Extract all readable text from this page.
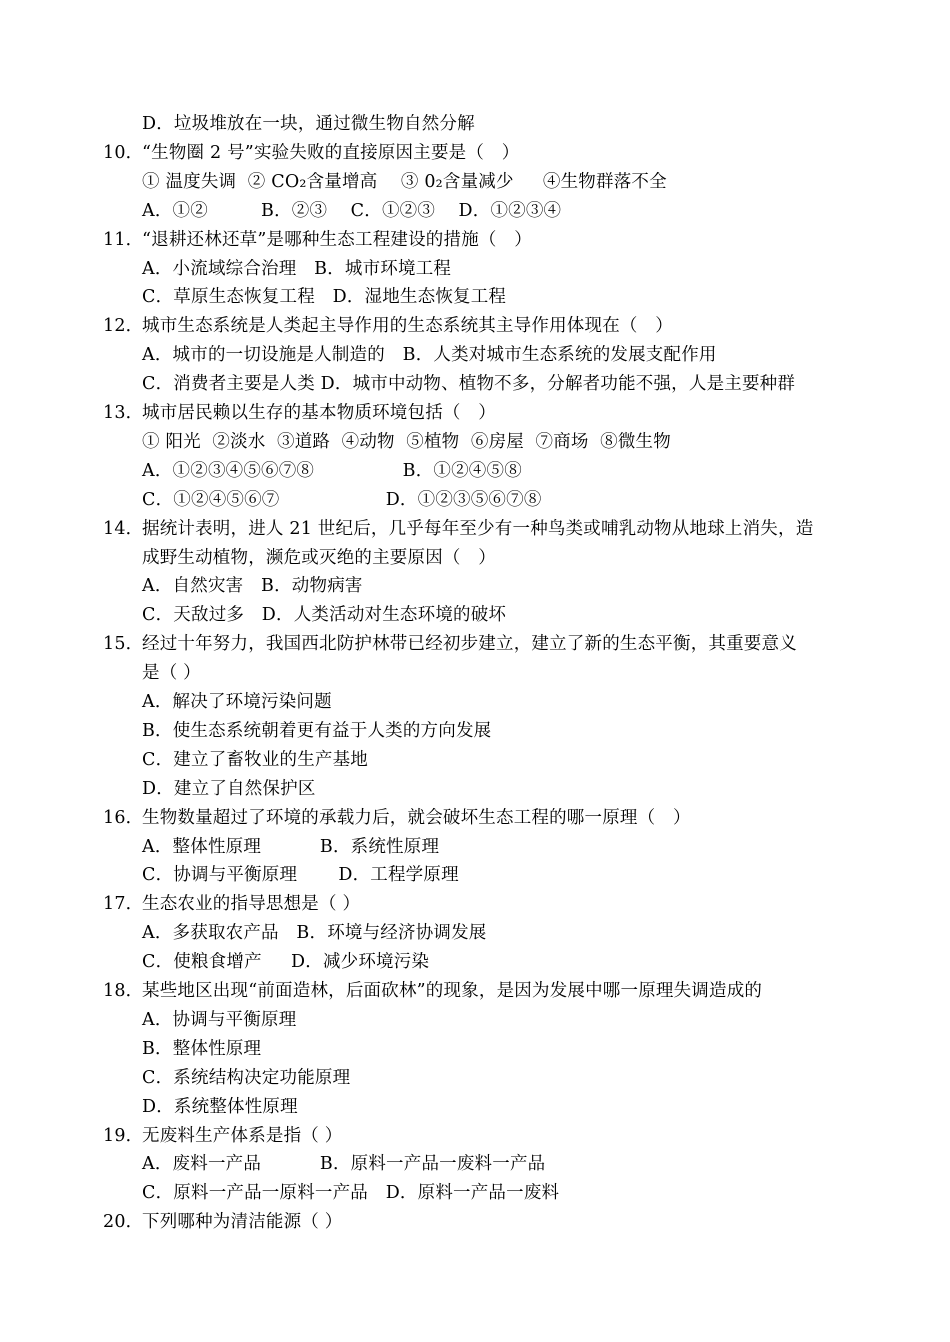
D．垃圾堆放在一块，通过微生物自然分解
10．
“生物圈 2 号”实验失败的直接原因主要是（　）
① 温度失调  ② CO₂含量增高　 ③ 0₂含量减少　  ④生物群落不全
A．①②　　　B．②③　 C．①②③　 D．①②③④
11．
“退耕还林还草”是哪种生态工程建设的措施（　）
A．小流域综合治理　B．城市环境工程
C．草原生态恢复工程　D．湿地生态恢复工程
12．
城市生态系统是人类起主导作用的生态系统其主导作用体现在（　）
A．城市的一切设施是人制造的　B．人类对城市生态系统的发展支配作用
C．消费者主要是人类 D．城市中动物、植物不多，分解者功能不强，人是主要种群
13．
城市居民赖以生存的基本物质环境包括（　）
① 阳光  ②淡水  ③道路  ④动物  ⑤植物  ⑥房屋  ⑦商场  ⑧微生物
A．①②③④⑤⑥⑦⑧　　　　　B．①②④⑤⑧
C．①②④⑤⑥⑦　　　　　　D．①②③⑤⑥⑦⑧
14．
据统计表明，进人 21 世纪后，几乎每年至少有一种鸟类或哺乳动物从地球上消失，造
成野生动植物，濒危或灭绝的主要原因（　）
A．自然灾害　B．动物病害
C．天敌过多　D．人类活动对生态环境的破坏
15．
经过十年努力，我国西北防护林带已经初步建立，建立了新的生态平衡，其重要意义
是（ ）
A．解决了环境污染问题
B．使生态系统朝着更有益于人类的方向发展
C．建立了畜牧业的生产基地
D．建立了自然保护区
16．
生物数量超过了环境的承载力后，就会破坏生态工程的哪一原理（　）
A．整体性原理　　　 B．系统性原理
C．协调与平衡原理　　 D．工程学原理
17．
生态农业的指导思想是（ ）
A．多获取农产品　B．环境与经济协调发展
C．使粮食增产　  D．减少环境污染
18．
某些地区出现“前面造林，后面砍林”的现象，是因为发展中哪一原理失调造成的
A．协调与平衡原理
B．整体性原理
C．系统结构决定功能原理
D．系统整体性原理
19．
无废料生产体系是指（ ）
A．废料一产品　　　 B．原料一产品一废料一产品
C．原料一产品一原料一产品　D．原料一产品一废料
20．
下列哪种为清洁能源（ ）
